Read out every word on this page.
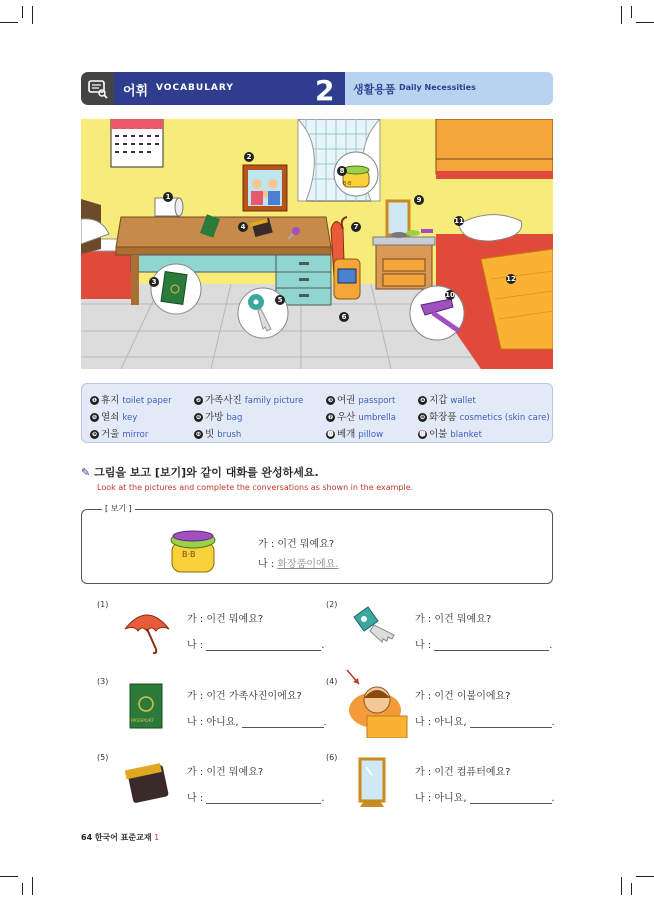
어휘 VOCABULARY	2 생활용품 Daily Necessities
1
2
3
4
5
6
7
8
9
10
11
12
B·B
❶ 휴지 toilet paper	❷ 가족사진 family picture	❸ 여권 passport	❹ 지갑 wallet
❺ 열쇠 key	❻ 가방 bag	❼ 우산 umbrella	❽ 화장품 cosmetics (skin care)
❾ 거울 mirror	❿ 빗 brush	⓫ 베개 pillow	⓬ 이불 blanket
✎ 그림을 보고 [보기]와 같이 대화를 완성하세요.
Look at the pictures and complete the conversations as shown in the example.
[ 보기 ]
B·B
가 : 이건 뭐예요?
나 : 화장품이에요.
(1)
가 : 이건 뭐예요?
나 :	.
(2)
가 : 이건 뭐예요?
나 :	.
(3)
가 : 이건 가족사진이에요?
나 : 아니요,	.
(4)
가 : 이건 이불이에요?
나 : 아니요,	.
(5)
가 : 이건 뭐예요?
나 :	.
(6)
가 : 이건 컴퓨터예요?
나 : 아니요,	.
PASSPORT
64 한국어 표준교재 1
